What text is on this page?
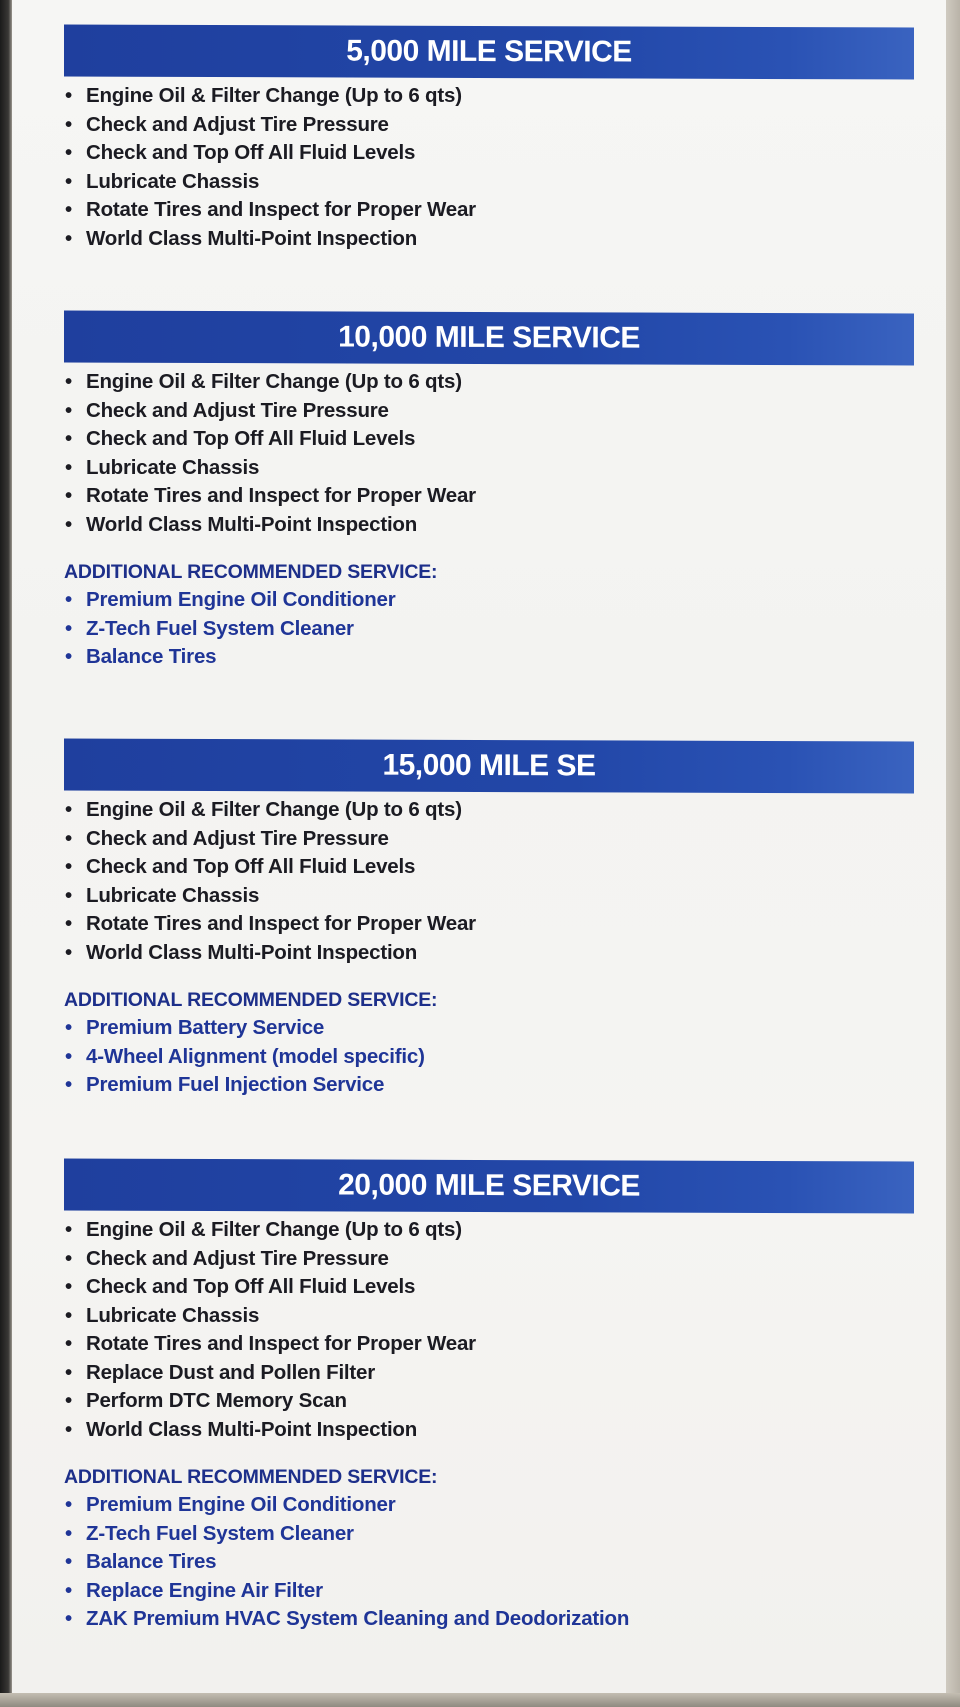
5,000 MILE SERVICE
• Engine Oil & Filter Change (Up to 6 qts)
• Check and Adjust Tire Pressure
• Check and Top Off All Fluid Levels
• Lubricate Chassis
• Rotate Tires and Inspect for Proper Wear
• World Class Multi-Point Inspection
10,000 MILE SERVICE
• Engine Oil & Filter Change (Up to 6 qts)
• Check and Adjust Tire Pressure
• Check and Top Off All Fluid Levels
• Lubricate Chassis
• Rotate Tires and Inspect for Proper Wear
• World Class Multi-Point Inspection
ADDITIONAL RECOMMENDED SERVICE:
• Premium Engine Oil Conditioner
• Z-Tech Fuel System Cleaner
• Balance Tires
15,000 MILE SE
• Engine Oil & Filter Change (Up to 6 qts)
• Check and Adjust Tire Pressure
• Check and Top Off All Fluid Levels
• Lubricate Chassis
• Rotate Tires and Inspect for Proper Wear
• World Class Multi-Point Inspection
ADDITIONAL RECOMMENDED SERVICE:
• Premium Battery Service
• 4-Wheel Alignment (model specific)
• Premium Fuel Injection Service
20,000 MILE SERVICE
• Engine Oil & Filter Change (Up to 6 qts)
• Check and Adjust Tire Pressure
• Check and Top Off All Fluid Levels
• Lubricate Chassis
• Rotate Tires and Inspect for Proper Wear
• Replace Dust and Pollen Filter
• Perform DTC Memory Scan
• World Class Multi-Point Inspection
ADDITIONAL RECOMMENDED SERVICE:
• Premium Engine Oil Conditioner
• Z-Tech Fuel System Cleaner
• Balance Tires
• Replace Engine Air Filter
• ZAK Premium HVAC System Cleaning and Deodorization
